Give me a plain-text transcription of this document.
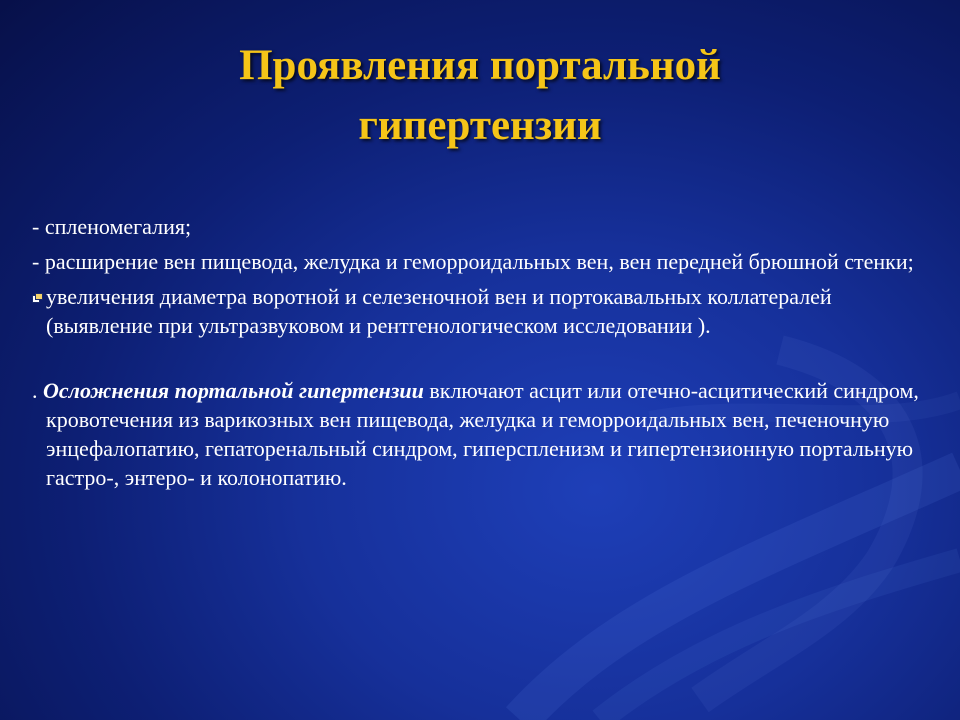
Проявления портальной
гипертензии

- спленомегалия;

- расширение вен пищевода, желудка и геморроидальных вен, вен передней брюшной стенки;

увеличения диаметра воротной и селезеночной вен и портокавальных коллатералей (выявление при ультразвуковом и рентгенологическом исследовании ).

. Осложнения портальной гипертензии включают асцит или отечно-асцитический синдром, кровотечения из варикозных вен пищевода, желудка и геморроидальных вен, печеночную энцефалопатию, гепаторенальный синдром, гиперспленизм и гипертензионную портальную гастро-, энтеро- и колонопатию.
